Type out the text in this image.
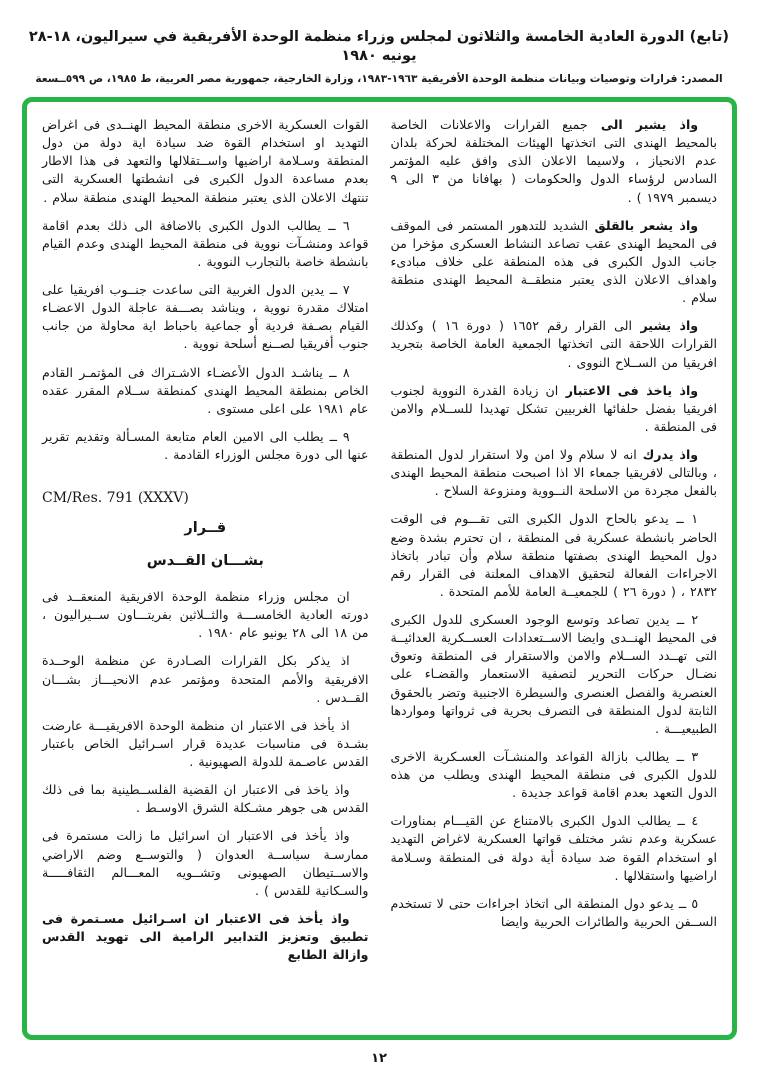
(تابع) الدورة العادية الخامسة والثلاثون لمجلس وزراء منظمة الوحدة الأفريقية في سيراليون، ١٨-٢٨ يونيه ١٩٨٠
المصدر: قرارات وتوصيات وبيانات منظمة الوحدة الأفريقية ١٩٦٣-١٩٨٣، وزارة الخارجية، جمهورية مصر العربية، ط ١٩٨٥، ص ٥٩٩ــسعة

واذ يشير الى جميع القرارات والاعلانات الخاصة بالمحيط الهندى التى اتخذتها الهيئات المختلفة لحركة بلدان عدم الانحياز ، ولاسيما الاعلان الذى وافق عليه المؤتمر السادس لرؤساء الدول والحكومات ( بهافانا من ٣ الى ٩ ديسمبر ١٩٧٩ ) .

واذ يشعر بالقلق الشديد للتدهور المستمر فى الموقف فى المحيط الهندى عقب تصاعد النشاط العسكرى مؤخرا من جانب الدول الكبرى فى هذه المنطقة على خلاف مبادىء واهداف الاعلان الذى يعتبر منطقــة المحيط الهندى منطقة سلام .

واذ يشير الى القرار رقم ١٦٥٢ ( دورة ١٦ ) وكذلك القرارات اللاحقة التى اتخذتها الجمعية العامة الخاصة بتجريد افريقيا من الســلاح النووى .

واذ ياخذ فى الاعتبار ان زيادة القدرة النووية لجنوب افريقيا بفضل حلفائها الغربيين تشكل تهديدا للســلام والامن فى المنطقة .

واذ يدرك انه لا سلام ولا امن ولا استقرار لدول المنطقة ، وبالتالى لافريقيا جمعاء الا اذا اصبحت منطقة المحيط الهندى بالفعل مجردة من الاسلحة النــووية ومنزوعة السلاح .

١ ــ يدعو بالحاح الدول الكبرى التى تقـــوم فى الوقت الحاضر بانشطة عسكرية فى المنطقة ، ان تحترم بشدة وضع دول المحيط الهندى بصفتها منطقة سلام وأن تبادر باتخاذ الاجراءات الفعالة لتحقيق الاهداف المعلنة فى القرار رقم ٢٨٣٢ ، ( دورة ٢٦ ) للجمعيــة العامة للأمم المتحدة .

٢ ــ يدين تصاعد وتوسع الوجود العسكرى للدول الكبرى فى المحيط الهنــدى وايضا الاســتعدادات العســكرية العدائيــة التى تهــدد الســلام والامن والاستقرار فى المنطقة وتعوق نضـال حركات التحرير لتصفية الاستعمار والقضـاء على العنصرية والفصل العنصرى والسيطرة الاجنبية وتضر بالحقوق الثابتة لدول المنطقة فى التصرف بحرية فى ثرواتها ومواردها الطبيعيـــة .

٣ ــ يطالب بازالة القواعد والمنشـآت العسـكرية الاخرى للدول الكبرى فى منطقة المحيط الهندى ويطلب من هذه الدول التعهد بعدم اقامة قواعد جديدة .

٤ ــ يطالب الدول الكبرى بالامتناع عن القيـــام بمناورات عسكرية وعدم نشر مختلف قواتها العسكرية لاغراض التهديد او استخدام القوة ضد سيادة أية دولة فى المنطقة وسـلامة اراضيها واستقلالها .

٥ ــ يدعو دول المنطقة الى اتخاذ اجراءات حتى لا تستخدم الســفن الحربية والطائرات الحربية وايضا

القوات العسكرية الاخرى منطقة المحيط الهنــدى فى اغراض التهديد او استخدام القوة ضد سيادة اية دولة من دول المنطقة وسـلامة اراضيها واســتقلالها والتعهد فى هذا الاطار بعدم مساعدة الدول الكبرى فى انشطتها العسكرية التى تنتهك الاعلان الذى يعتبر منطقة المحيط الهندى منطقة سلام .

٦ ــ يطالب الدول الكبرى بالاضافة الى ذلك بعدم اقامة قواعد ومنشـآت نووية فى منطقة المحيط الهندى وعدم القيام بانشطة خاصة بالتجارب النووية .

٧ ــ يدين الدول الغربية التى ساعدت جنــوب افريقيا على امتلاك مقدرة نووية ، ويناشد بصـــفة عاجلة الدول الاعضـاء القيام بصـفة فردية أو جماعية باحباط اية محاولة من جانب جنوب أفريقيا لصــنع أسلحة نووية .

٨ ــ يناشـد الدول الأعضـاء الاشـتراك فى المؤتمـر القادم الخاص بمنطقة المحيط الهندى كمنطقة ســلام المقرر عقده عام ١٩٨١ على اعلى مستوى .

٩ ــ يطلب الى الامين العام متابعة المسـألة وتقديم تقرير عنها الى دورة مجلس الوزراء القادمة .

CM/Res. 791 (XXXV)
قــرار
بشـــان القــدس

ان مجلس وزراء منظمة الوحدة الافريقية المنعقــد فى دورته العادية الخامســـة والثــلاثين بفريتـــاون ســيراليون ، من ١٨ الى ٢٨ يونيو عام ١٩٨٠ .

اذ يذكر بكل القرارات الصـادرة عن منظمة الوحــدة الافريقية والأمم المتحدة ومؤتمر عدم الانحيـــاز بشـــان القــدس .

اذ يأخذ فى الاعتبار ان منظمة الوحدة الافريقيـــة عارضت بشـدة فى مناسبات عديدة قرار اسـرائيل الخاص باعتبار القدس عاصـمة للدولة الصهيونية .

واذ ياخذ فى الاعتبار ان القضية الفلســطينية بما فى ذلك القدس هى جوهر مشـكلة الشرق الاوسـط .

واذ يأخذ فى الاعتبار ان اسرائيل ما زالت مستمرة فى ممارسـة سياســة العدوان ( والتوســع وضم الاراضي والاســتيطان الصهيونى وتشــويه المعـــالم الثقافـــــة والسـكانية للقدس ) .

واذ يأخذ فى الاعتبار ان اسـرائيل مسـتمرة فى تطبيق وتعزيز التدابير الرامية الى تهويد القدس وازالة الطابع

١٢
